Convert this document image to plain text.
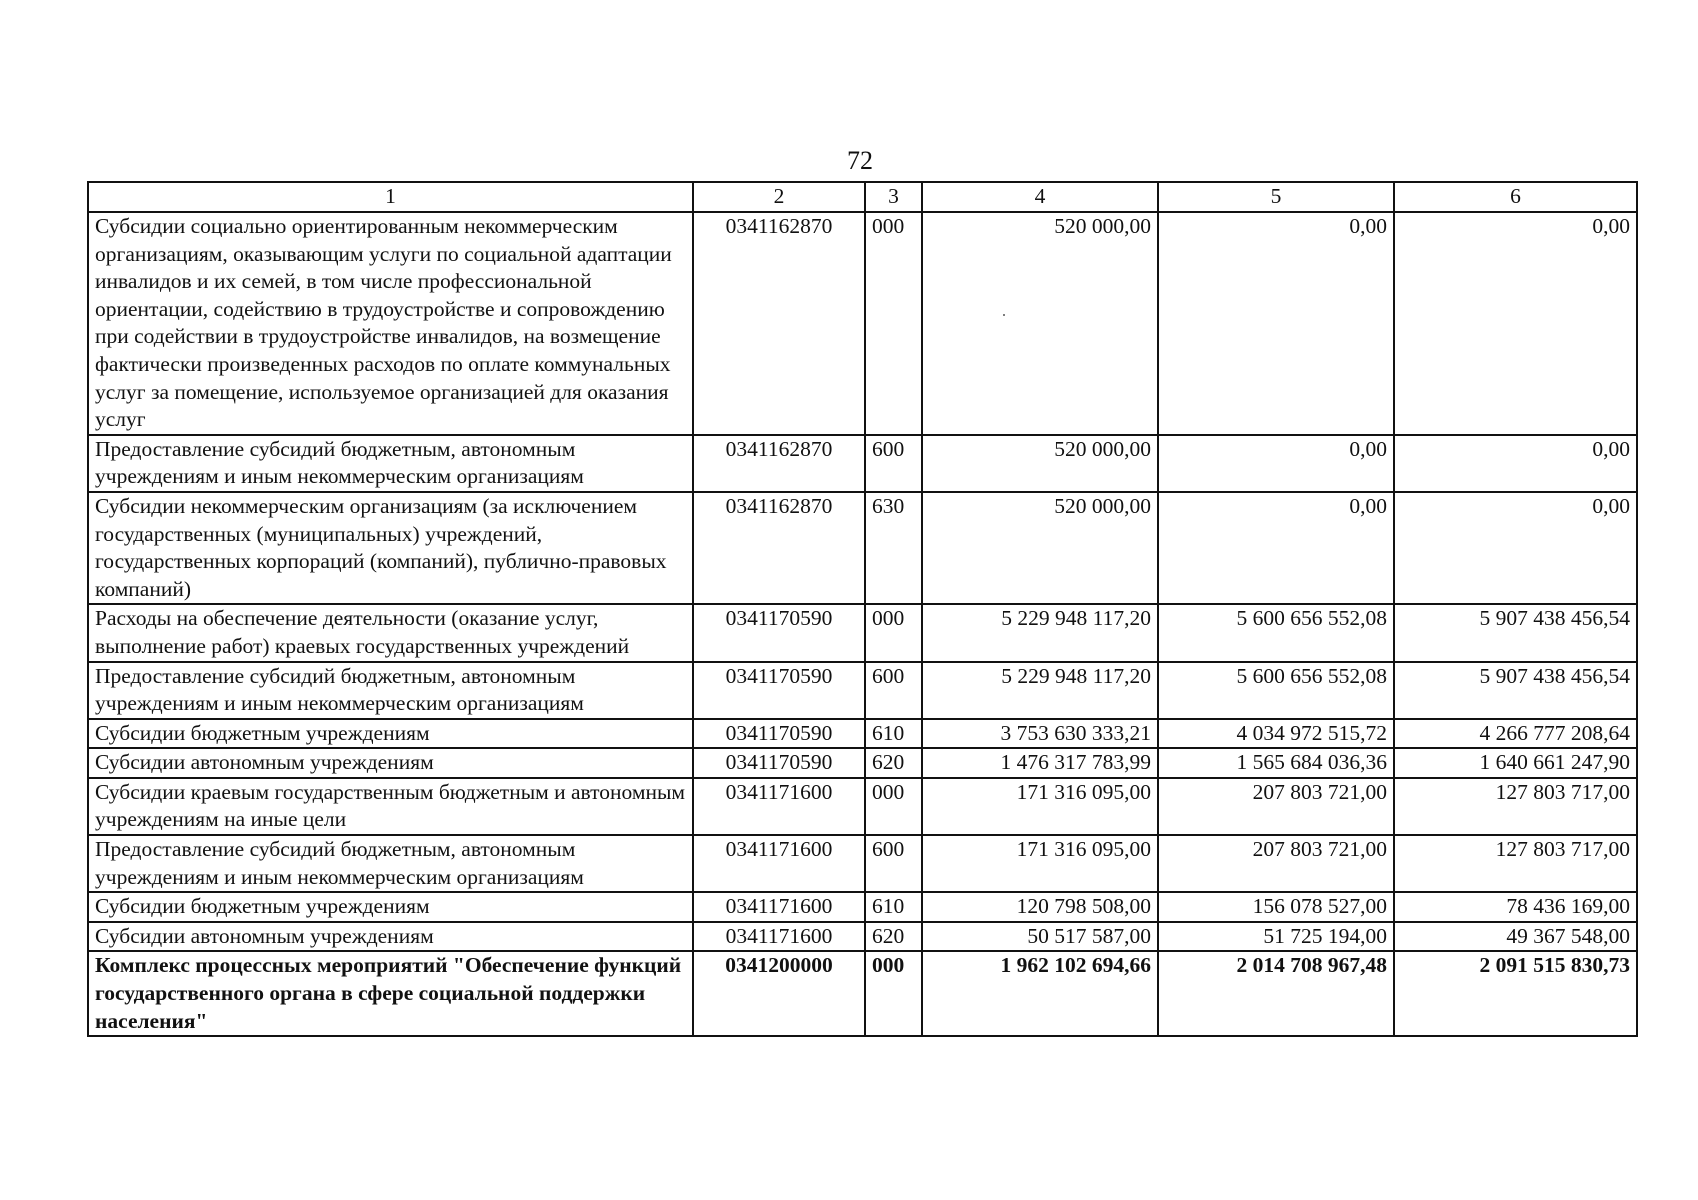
72
1	2	3	4	5	6
Субсидии социально ориентированным некоммерческим организациям, оказывающим услуги по социальной адаптации инвалидов и их семей, в том числе профессиональной ориентации, содействию в трудоустройстве и сопровождению при содействии в трудоустройстве инвалидов, на возмещение фактически произведенных расходов по оплате коммунальных услуг за помещение, используемое организацией для оказания услуг	0341162870	000	520 000,00	0,00	0,00
Предоставление субсидий бюджетным, автономным учреждениям и иным некоммерческим организациям	0341162870	600	520 000,00	0,00	0,00
Субсидии некоммерческим организациям (за исключением государственных (муниципальных) учреждений, государственных корпораций (компаний), публично-правовых компаний)	0341162870	630	520 000,00	0,00	0,00
Расходы на обеспечение деятельности (оказание услуг, выполнение работ) краевых государственных учреждений	0341170590	000	5 229 948 117,20	5 600 656 552,08	5 907 438 456,54
Предоставление субсидий бюджетным, автономным учреждениям и иным некоммерческим организациям	0341170590	600	5 229 948 117,20	5 600 656 552,08	5 907 438 456,54
Субсидии бюджетным учреждениям	0341170590	610	3 753 630 333,21	4 034 972 515,72	4 266 777 208,64
Субсидии автономным учреждениям	0341170590	620	1 476 317 783,99	1 565 684 036,36	1 640 661 247,90
Субсидии краевым государственным бюджетным и автономным учреждениям на иные цели	0341171600	000	171 316 095,00	207 803 721,00	127 803 717,00
Предоставление субсидий бюджетным, автономным учреждениям и иным некоммерческим организациям	0341171600	600	171 316 095,00	207 803 721,00	127 803 717,00
Субсидии бюджетным учреждениям	0341171600	610	120 798 508,00	156 078 527,00	78 436 169,00
Субсидии автономным учреждениям	0341171600	620	50 517 587,00	51 725 194,00	49 367 548,00
Комплекс процессных мероприятий "Обеспечение функций государственного органа в сфере социальной поддержки населения"	0341200000	000	1 962 102 694,66	2 014 708 967,48	2 091 515 830,73
